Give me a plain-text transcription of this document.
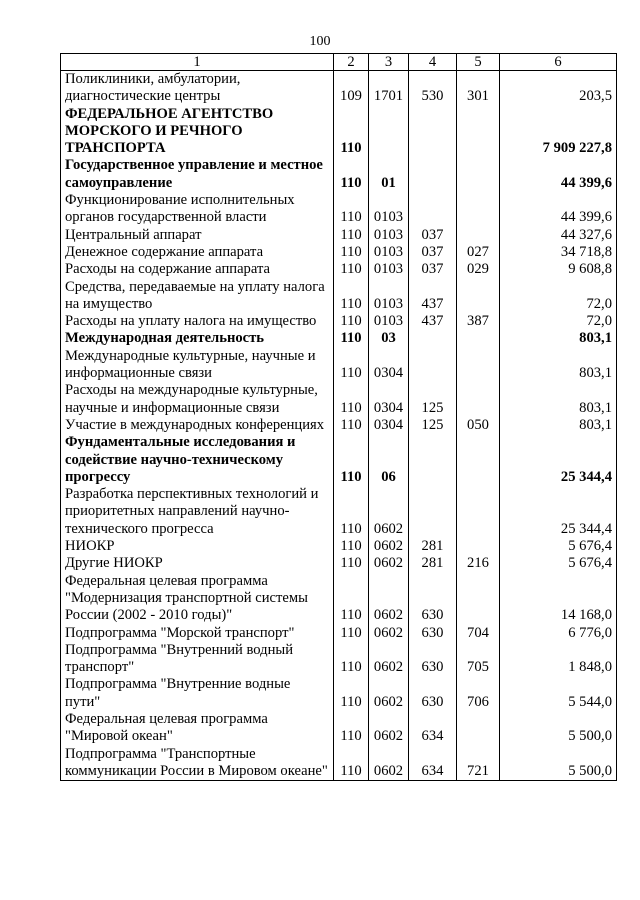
100
1	2	3	4	5	6
Поликлиники, амбулатории, диагностические центры	109	1701	530	301	203,5
ФЕДЕРАЛЬНОЕ АГЕНТСТВО МОРСКОГО И РЕЧНОГО ТРАНСПОРТА	110				7 909 227,8
Государственное управление и местное самоуправление	110	01			44 399,6
Функционирование исполнительных органов государственной власти	110	0103			44 399,6
Центральный аппарат	110	0103	037		44 327,6
Денежное содержание аппарата	110	0103	037	027	34 718,8
Расходы на содержание аппарата	110	0103	037	029	9 608,8
Средства, передаваемые на уплату налога на имущество	110	0103	437		72,0
Расходы на уплату налога на имущество	110	0103	437	387	72,0
Международная деятельность	110	03			803,1
Международные культурные, научные и информационные связи	110	0304			803,1
Расходы на международные культурные, научные и информационные связи	110	0304	125		803,1
Участие в международных конференциях	110	0304	125	050	803,1
Фундаментальные исследования и содействие научно-техническому прогрессу	110	06			25 344,4
Разработка перспективных технологий и приоритетных направлений научно-технического прогресса	110	0602			25 344,4
НИОКР	110	0602	281		5 676,4
Другие НИОКР	110	0602	281	216	5 676,4
Федеральная целевая программа "Модернизация транспортной системы России (2002 - 2010 годы)"	110	0602	630		14 168,0
Подпрограмма "Морской транспорт"	110	0602	630	704	6 776,0
Подпрограмма "Внутренний водный транспорт"	110	0602	630	705	1 848,0
Подпрограмма "Внутренние водные пути"	110	0602	630	706	5 544,0
Федеральная целевая программа "Мировой океан"	110	0602	634		5 500,0
Подпрограмма "Транспортные коммуникации России в Мировом океане"	110	0602	634	721	5 500,0
